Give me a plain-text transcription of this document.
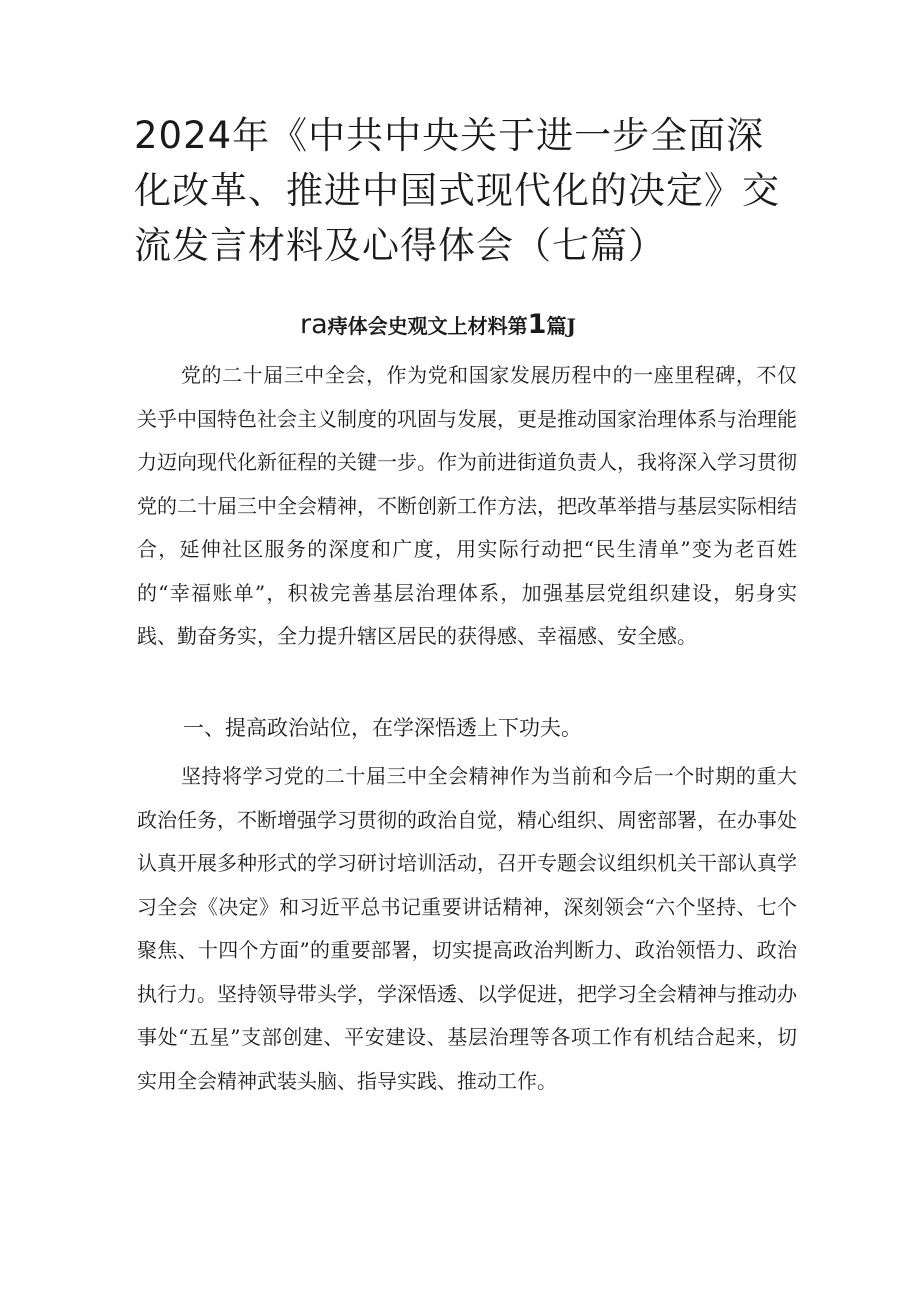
2024年《中共中央关于进一步全面深化改革、推进中国式现代化的决定》交流发言材料及心得体会（七篇）
ra痔体会史观文上材料第1篇J

党的二十届三中全会，作为党和国家发展历程中的一座里程碑，不仅关乎中国特色社会主义制度的巩固与发展，更是推动国家治理体系与治理能力迈向现代化新征程的关键一步。作为前进街道负责人，我将深入学习贯彻党的二十届三中全会精神，不断创新工作方法，把改革举措与基层实际相结合，延伸社区服务的深度和广度，用实际行动把“民生清单”变为老百姓的“幸福账单”，积祓完善基层治理体系，加强基层党组织建设，躬身实践、勤奋务实，全力提升辖区居民的获得感、幸福感、安全感。

一、提高政治站位，在学深悟透上下功夫。

坚持将学习党的二十届三中全会精神作为当前和今后一个时期的重大政治任务，不断增强学习贯彻的政治自觉，精心组织、周密部署，在办事处认真开展多种形式的学习研讨培训活动，召开专题会议组织机关干部认真学习全会《决定》和习近平总书记重要讲话精神，深刻领会“六个坚持、七个聚焦、十四个方面”的重要部署，切实提高政治判断力、政治领悟力、政治执行力。坚持领导带头学，学深悟透、以学促进，把学习全会精神与推动办事处“五星”支部创建、平安建设、基层治理等各项工作有机结合起来，切实用全会精神武装头脑、指导实践、推动工作。
